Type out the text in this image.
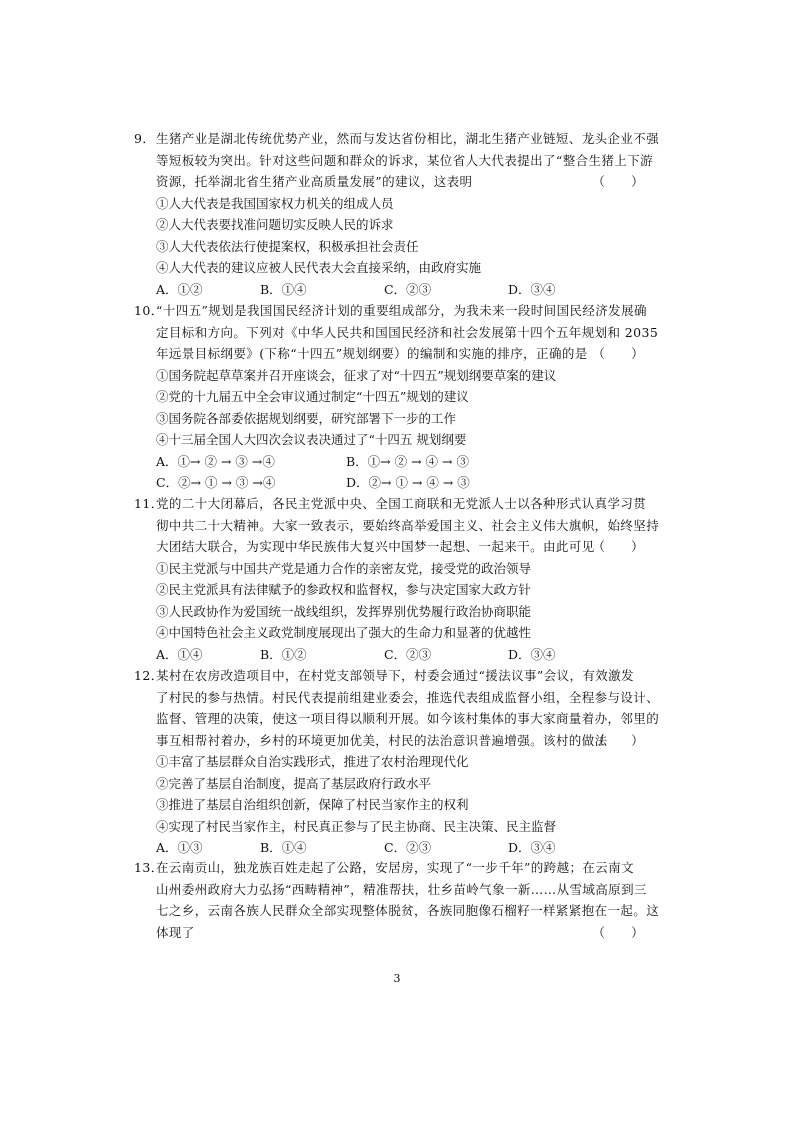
9． 生猪产业是湖北传统优势产业，然而与发达省份相比，湖北生猪产业链短、龙头企业不强
等短板较为突出。针对这些问题和群众的诉求，某位省人大代表提出了“整合生猪上下游
资源，托举湖北省生猪产业高质量发展”的建议，这表明	（　　）
①人大代表是我国国家权力机关的组成人员
②人大代表要找准问题切实反映人民的诉求
③人大代表依法行使提案权，积极承担社会责任
④人大代表的建议应被人民代表大会直接采纳，由政府实施
A．①②	B．①④	C．②③	D．③④
10．
“十四五”规划是我国国民经济计划的重要组成部分，为我未来一段时间国民经济发展确
定目标和方向。下列对《中华人民共和国国民经济和社会发展第十四个五年规划和 2035
年远景目标纲要》(下称“十四五”规划纲要）的编制和实施的排序，正确的是 （　　）
①国务院起草草案并召开座谈会，征求了对“十四五”规划纲要草案的建议
②党的十九届五中全会审议通过制定“十四五”规划的建议
③国务院各部委依据规划纲要，研究部署下一步的工作
④十三届全国人大四次会议表决通过了“十四五 规划纲要
A．①→ ② → ③ →④	B．①→ ② → ④ → ③
C．②→ ① → ③ →④	D．②→ ① → ④ → ③
11．
党的二十大闭幕后，各民主党派中央、全国工商联和无党派人士以各种形式认真学习贯
彻中共二十大精神。大家一致表示，要始终高举爱国主义、社会主义伟大旗帜，始终坚持
大团结大联合，为实现中华民族伟大复兴中国梦一起想、一起来干。由此可见
（　　）
①民主党派与中国共产党是通力合作的亲密友党，接受党的政治领导
②民主党派具有法律赋予的参政权和监督权，参与决定国家大政方针
③人民政协作为爱国统一战线组织，发挥界别优势履行政治协商职能
④中国特色社会主义政党制度展现出了强大的生命力和显著的优越性
A．①④	B．①②	C．②③	D．③④
12．
某村在农房改造项目中，在村党支部领导下，村委会通过“援法议事”会议，有效激发
了村民的参与热情。村民代表提前组建业委会，推选代表组成监督小组，全程参与设计、
监督、管理的决策，使这一项目得以顺利开展。如今该村集体的事大家商量着办，邻里的
事互相帮衬着办，乡村的环境更加优美，村民的法治意识普遍增强。该村的做法
（　　）
①丰富了基层群众自治实践形式，推进了农村治理现代化
②完善了基层自治制度，提高了基层政府行政水平
③推进了基层自治组织创新，保障了村民当家作主的权利
④实现了村民当家作主，村民真正参与了民主协商、民主决策、民主监督
A．①③	B．①④	C．②③	D．③④
13．
在云南贡山，独龙族百姓走起了公路，安居房，实现了“一步千年”的跨越；在云南文
山州委州政府大力弘扬“西畴精神”，精准帮扶，壮乡苗岭气象一新……从雪域高原到三
七之乡，云南各族人民群众全部实现整体脱贫，各族同胞像石榴籽一样紧紧抱在一起。这
体现了	（　　）
3
